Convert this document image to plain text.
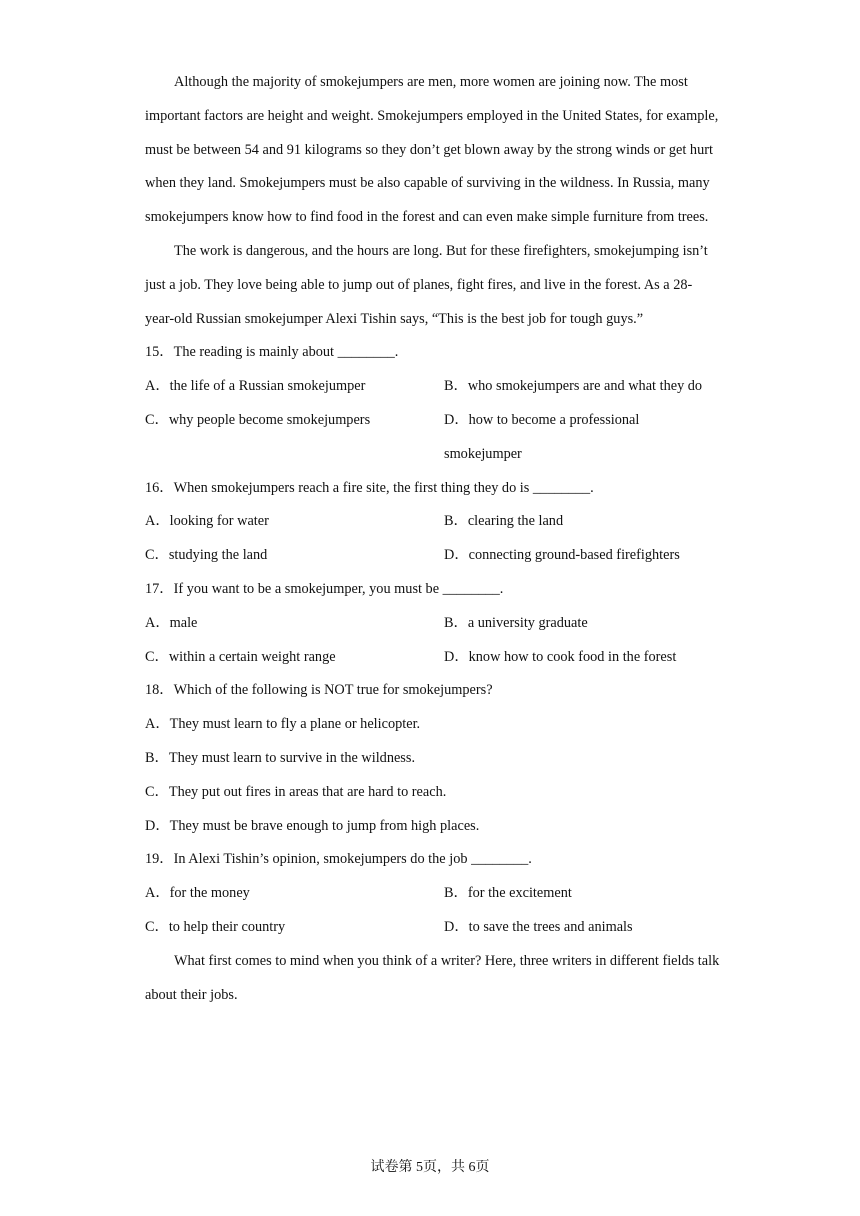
Although the majority of smokejumpers are men, more women are joining now. The most important factors are height and weight. Smokejumpers employed in the United States, for example, must be between 54 and 91 kilograms so they don’t get blown away by the strong winds or get hurt when they land. Smokejumpers must be also capable of surviving in the wildness. In Russia, many smokejumpers know how to find food in the forest and can even make simple furniture from trees.

The work is dangerous, and the hours are long. But for these firefighters, smokejumping isn’t just a job. They love being able to jump out of planes, fight fires, and live in the forest. As a 28-year-old Russian smokejumper Alexi Tishin says, “This is the best job for tough guys.”

15．The reading is mainly about ________.
A．the life of a Russian smokejumper	B．who smokejumpers are and what they do
C．why people become smokejumpers	D．how to become a professional smokejumper
16．When smokejumpers reach a fire site, the first thing they do is ________.
A．looking for water	B．clearing the land
C．studying the land	D．connecting ground-based firefighters
17．If you want to be a smokejumper, you must be ________.
A．male	B．a university graduate
C．within a certain weight range	D．know how to cook food in the forest
18．Which of the following is NOT true for smokejumpers?
A．They must learn to fly a plane or helicopter.
B．They must learn to survive in the wildness.
C．They put out fires in areas that are hard to reach.
D．They must be brave enough to jump from high places.
19．In Alexi Tishin’s opinion, smokejumpers do the job ________.
A．for the money	B．for the excitement
C．to help their country	D．to save the trees and animals

What first comes to mind when you think of a writer? Here, three writers in different fields talk about their jobs.

试卷第 5页，共 6页
